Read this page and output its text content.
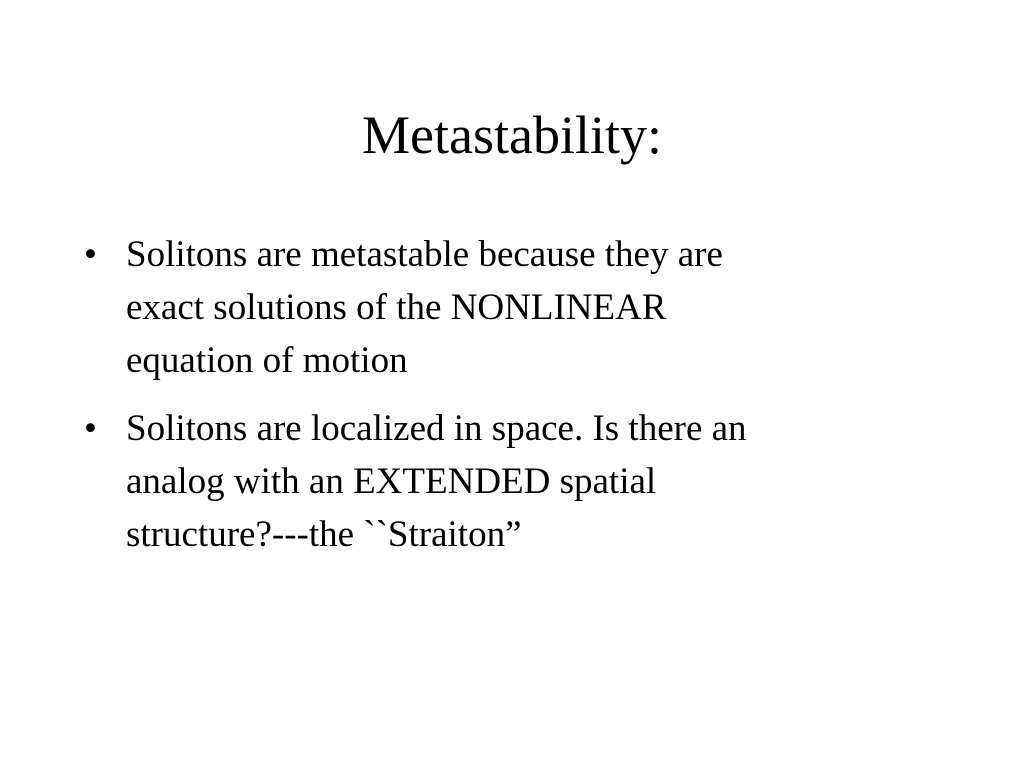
Metastability:
• Solitons are metastable because they are
exact solutions of the NONLINEAR
equation of motion
• Solitons are localized in space. Is there an
analog with an EXTENDED spatial
structure?---the ``Straiton”
